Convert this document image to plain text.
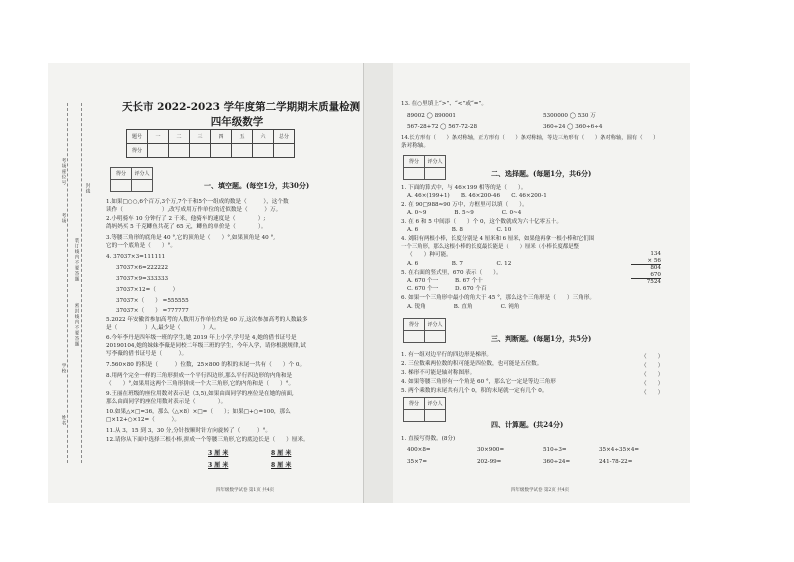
考场座位号
考场
学校
姓名
装订线内不要答题
密封线内不要答题
封线
天长市 2022-2023 学年度第二学期期末质量检测
四年级数学
题号	一	二	三	四	五	六	总分
得分							
得分	评分人

一、填空题。(每空1分，共30分)
1.如果□○○,6个百万,3个万,7个千和5个一组成的数是（　　　），这个数
读作（　　　　　　　）,改写成用万作单位的近似数是（　　　）万。
2.小明骑车 10 分钟行了 2 千米，他骑车的速度是（　　　　）;
鸽妈妈买 5 千克鲫鱼共花了 65 元，鲫鱼的单价是（　　　　）。
3.等腰三角形的底角是 40 °,它的顶角是（　　）°,如果顶角是 40 °,
它的一个底角是（　　）°。
4. 37037×3=111111
37037×6=222222
37037×9=333333
37037×12=（　　　）
37037×（　　） =555555
37037×（　　） =777777
5.2022 年安徽省参加高考的人数用万作单位约是 60 万,这次参加高考的人数最多
是（　　　　　）人,最少是（　　　　）人。
6.今年李丹是四年级一班的学生,她 2019 年上小学,学号是 4,她的借书证号是
20190104,她的妹妹李薇是同校二年级三班的学生，今年入学，请你根据规律,试
写李薇的借书证号是（　　　）。
7.560×80 的积是（　　　）位数，25×800 的积的末尾一共有（　　）个 0。
8.用两个完全一样的三角形拼成一个平行四边形,那么平行四边形的内角和是
（　　）°,如果用这两个三角形拼成一个大三角形,它的内角和是（　　）°。
9.王丽在班级的座位用数对表示是（3,5),如果由面同学的座位是在她的前面,
那么由面同学的座位用数对表示是（　　　　）。
10.如果△×□=36，那么（△×8）×□=（　　）；如果□+○=100，那么
□×12+○×12=（　　　）。
11.从 3，15 到 3，30 分,分针按顺时针方向旋转了（　　　）°。
12.请你从下面中选择三根小棒,拼成一个等腰三角形,它的底边长是（　　）厘米。
3 厘 米	8 厘 米
3 厘 米	8 厘 米
四年级数学试卷 第1页 共4页
13. 在○里填上“>”、“<”或“=”。
89002 ◯ 890001	5300000 ◯ 530 万
567-28+72 ◯ 567-72-28	360÷24 ◯ 360÷6÷4
14.长方形有（　　）条对称轴，正方形有（　　）条对称轴，等边三角形有（　　）条对称轴，圆有（　　）
条对称轴。
得分	评分人

二、选择题。(每题1分，共6分)
1. 下面的算式中，与 46×199 相等的是（　　）。
A. 46×(199+1)　　B. 46×200-46　　C. 46×200-1
2. 在 90□988≈90 万中，方框里可以填（　　）。
A. 0~9　　　　　B. 5~9　　　　　C. 0~4
3. 在 6 和 5 中间添（　　）个 0，这个数就成为六十亿零五十。
A. 6　　　　　　B. 8　　　　　　C. 10
4. 刘阳有两根小棒，长度分别是 4 厘米和 6 厘米，如果他再拿一根小棒和它们围
一个三角形，那么这根小棒的长度最长能是（　　）厘米（小棒长度都是整
（　　）种可能。
A. 6　　　　　　B. 7　　　　　　C. 12
5. 在右面的竖式里，670 表示（　　）。
A. 670 个一　　　B. 67 个十
C. 670 个一　　　D. 670 个百
6. 如果一个三角形中最小的角大于 45 °，那么这个三角形是（　　）三角形。
A. 锐角　　　　　B. 直角　　　　　C. 钝角
134
× 56
804
670
7524
得分	评分人

三、判断题。(每题1分，共5分)
1. 有一组对边平行的四边形是梯形。	（　　）
2. 三位数乘两位数的积可能是四位数，也可能是五位数。	（　　）
3. 梯形不可能是轴对称图形。	（　　）
4. 如果等腰三角形有一个角是 60 °，那么它一定是等边三角形	（　　）
5. 两个乘数的末尾共有几个 0，积的末尾就一定有几个 0。	（　　）
得分	评分人

四、计算题。(共24分)
1. 直接写得数。(8分)
400×8=	30×900=	510÷3=	35×4÷35×4=
35×7=	202-99=	360÷24=	241-78-22=
四年级数学试卷 第2页 共4页
